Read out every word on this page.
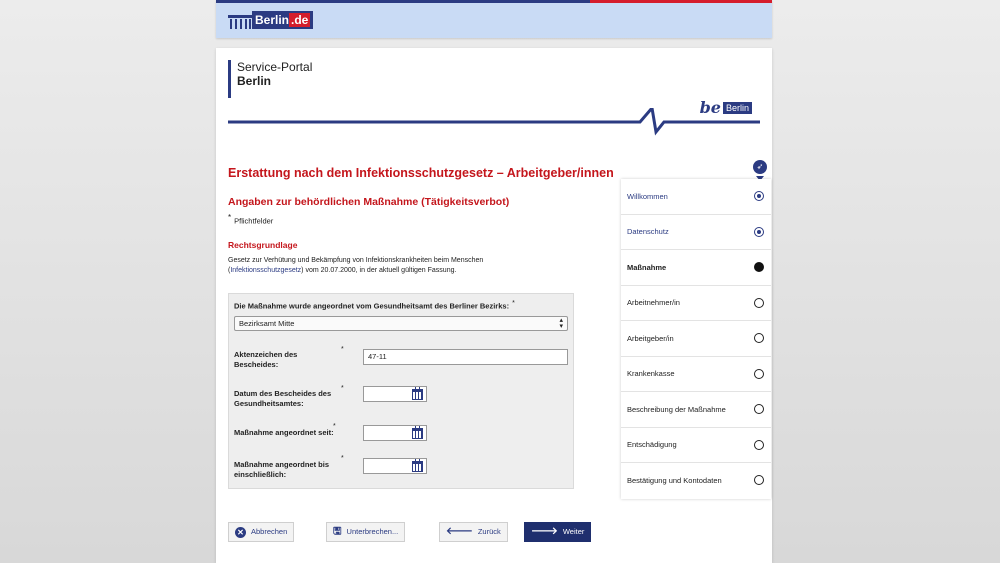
Berlin .de
Service-Portal
Berlin
be Berlin
Erstattung nach dem Infektionsschutzgesetz – Arbeitgeber/innen
Angaben zur behördlichen Maßnahme (Tätigkeitsverbot)
* Pflichtfelder
Rechtsgrundlage
Gesetz zur Verhütung und Bekämpfung von Infektionskrankheiten beim Menschen (Infektionsschutzgesetz) vom 20.07.2000, in der aktuell gültigen Fassung.
Die Maßnahme wurde angeordnet vom Gesundheitsamt des Berliner Bezirks: *
Bezirksamt Mitte	▴
▾
Aktenzeichen des Bescheides:
*
47-11
Datum des Bescheides des Gesundheitsamtes:
*
Maßnahme angeordnet seit:
*
Maßnahme angeordnet bis einschließlich:
*
✕ Abbrechen	🖫 Unterbrechen...	🡐 Zurück	🡒 Weiter
➶
Willkommen
Datenschutz
Maßnahme
Arbeitnehmer/in
Arbeitgeber/in
Krankenkasse
Beschreibung der Maßnahme
Entschädigung
Bestätigung und Kontodaten
